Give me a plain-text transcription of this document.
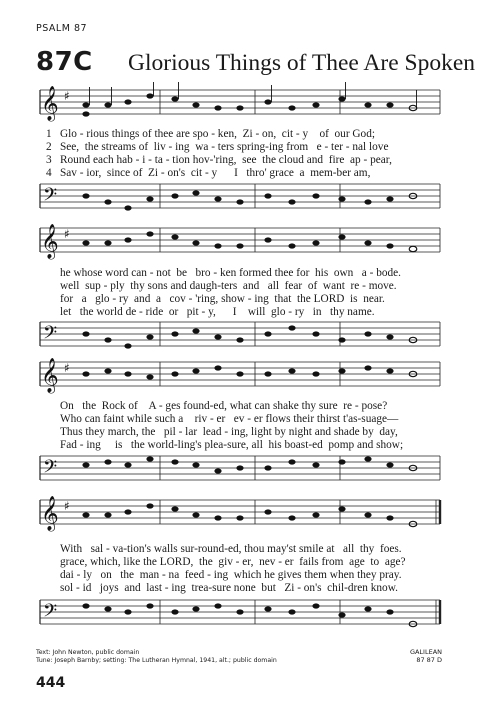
PSALM 87
87C Glorious Things of Thee Are Spoken
𝄞 ♯
1 Glo - rious things of thee are spo - ken,  Zi - on,  cit - y    of  our God;
2 See,  the streams of  liv - ing  wa - ters spring-ing from   e - ter - nal love
3 Round each hab - i - ta - tion hov-'ring,  see  the cloud and  fire  ap - pear,
4 Sav - ior,  since of  Zi - on's  cit - y      I   thro' grace  a  mem-ber am,
𝄢
𝄞 ♯
he whose word can - not  be   bro - ken formed thee for  his  own   a - bode.
well  sup - ply  thy sons and daugh-ters  and   all  fear  of  want  re - move.
for   a   glo - ry  and  a   cov - 'ring, show - ing  that  the LORD  is  near.
let   the world de - ride  or   pit - y,      I    will  glo - ry   in   thy name.
𝄢
𝄞 ♯
On   the  Rock of    A - ges found-ed, what can shake thy sure  re - pose?
Who can faint while such a    riv - er   ev - er flows their thirst t'as-suage—
Thus they march, the   pil - lar  lead - ing, light by night and shade by  day,
Fad - ing     is   the world-ling's plea-sure, all  his boast-ed  pomp and show;
𝄢
𝄞 ♯
With   sal - va-tion's walls sur-round-ed, thou may'st smile at   all  thy  foes.
grace, which, like the LORD,  the  giv - er,  nev - er  fails from  age  to  age?
dai - ly   on   the  man - na  feed - ing  which he gives them when they pray.
sol - id   joys  and  last - ing  trea-sure none  but   Zi - on's  chil-dren know.
𝄢
Text: John Newton, public domain
Tune: Joseph Barnby; setting: The Lutheran Hymnal, 1941, alt.; public domain
GALILEAN
87 87 D
444
